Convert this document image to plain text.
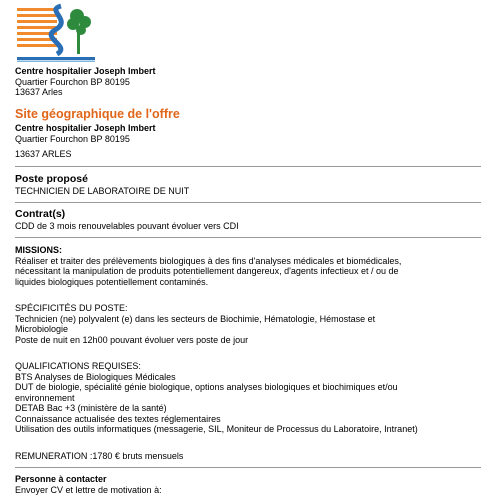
Centre hospitalier Joseph Imbert
Quartier Fourchon BP 80195
13637 Arles
Site géographique de l'offre
Centre hospitalier Joseph Imbert
Quartier Fourchon BP 80195
13637 ARLES
Poste proposé
TECHNICIEN DE LABORATOIRE DE NUIT
Contrat(s)
CDD de 3 mois renouvelables pouvant évoluer vers CDI
MISSIONS:
Réaliser et traiter des prélèvements biologiques à des fins d'analyses médicales et biomédicales,
nécessitant la manipulation de produits potentiellement dangereux, d'agents infectieux et / ou de
liquides biologiques potentiellement contaminés.
SPÉCIFICITÉS DU POSTE:
Technicien (ne) polyvalent (e) dans les secteurs de Biochimie, Hématologie, Hémostase et
Microbiologie
Poste de nuit en 12h00 pouvant évoluer vers poste de jour
QUALIFICATIONS REQUISES:
BTS Analyses de Biologiques Médicales
DUT de biologie, spécialité génie biologique, options analyses biologiques et biochimiques et/ou
environnement
DETAB Bac +3 (ministère de la santé)
Connaissance actualisée des textes réglementaires
Utilisation des outils informatiques (messagerie, SIL, Moniteur de Processus du Laboratoire, Intranet)
REMUNERATION :1780 € bruts mensuels
Personne à contacter
Envoyer CV et lettre de motivation à:
